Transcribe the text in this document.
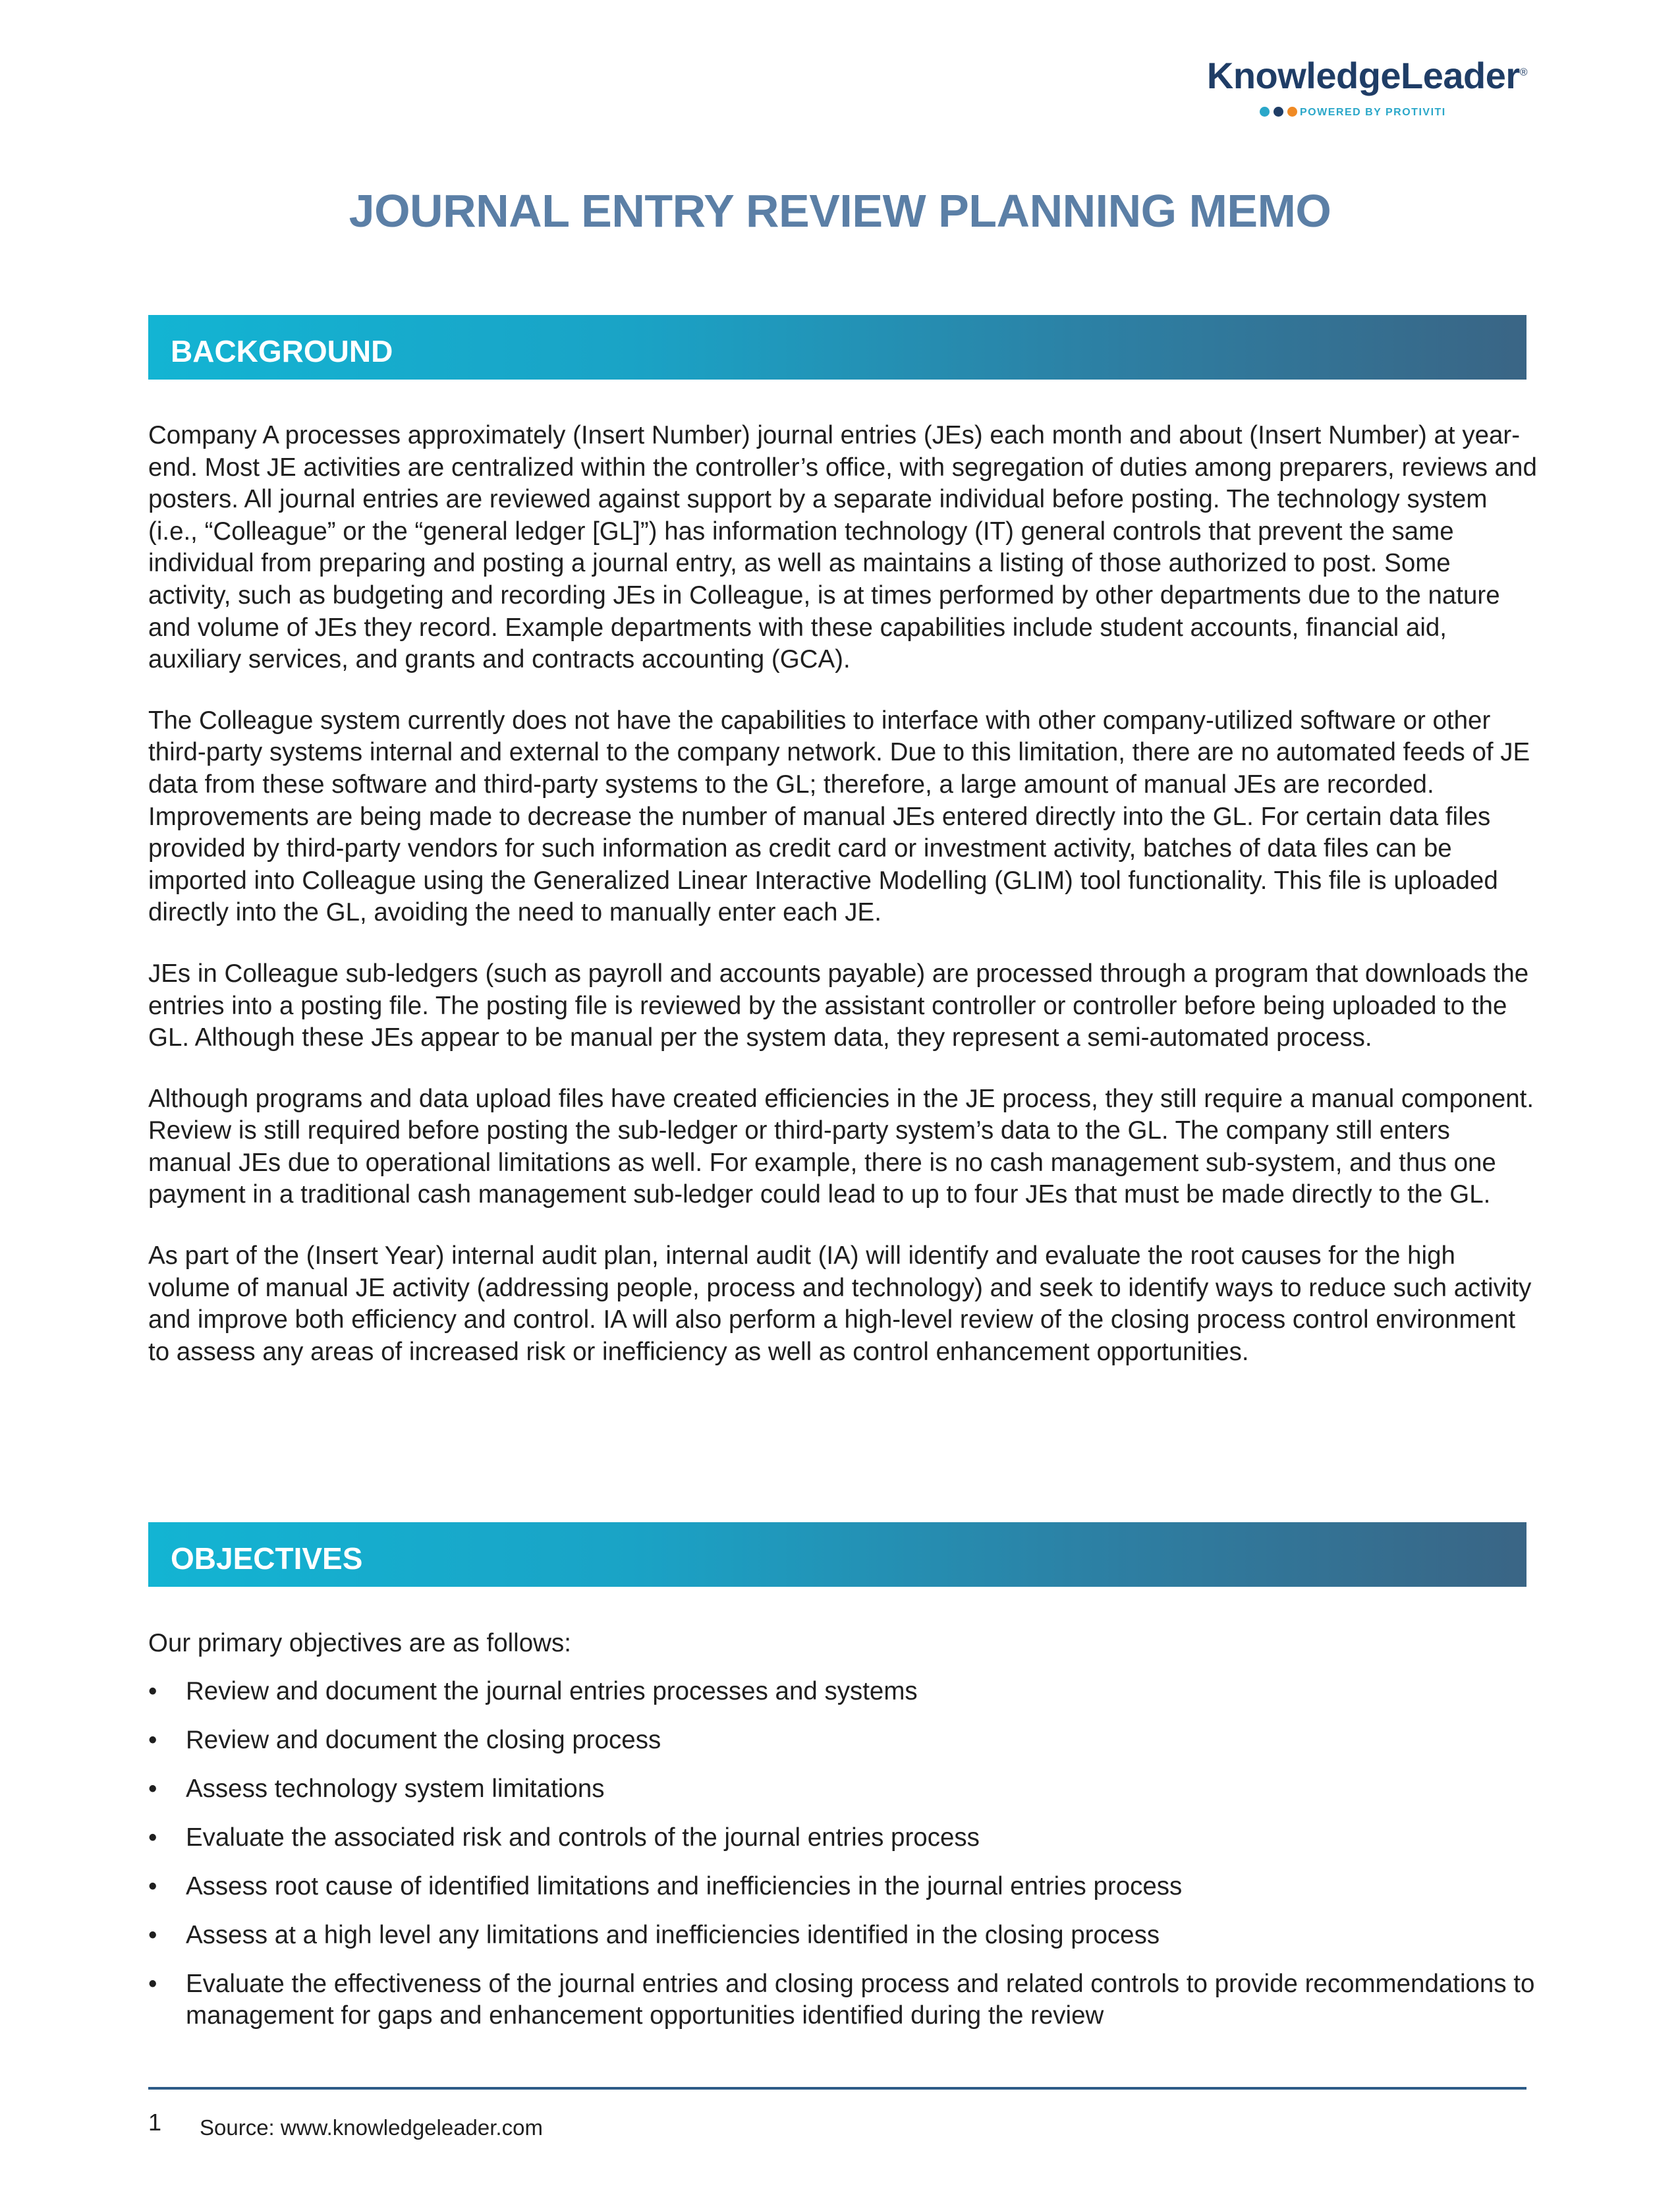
KnowledgeLeader®
POWERED BY PROTIVITI
JOURNAL ENTRY REVIEW PLANNING MEMO
BACKGROUND

Company A processes approximately (Insert Number) journal entries (JEs) each month and about (Insert Number) at year-end. Most JE activities are centralized within the controller’s office, with segregation of duties among preparers, reviews and posters. All journal entries are reviewed against support by a separate individual before posting. The technology system (i.e., “Colleague” or the “general ledger [GL]”) has information technology (IT) general controls that prevent the same individual from preparing and posting a journal entry, as well as maintains a listing of those authorized to post. Some activity, such as budgeting and recording JEs in Colleague, is at times performed by other departments due to the nature and volume of JEs they record. Example departments with these capabilities include student accounts, financial aid, auxiliary services, and grants and contracts accounting (GCA).

The Colleague system currently does not have the capabilities to interface with other company-utilized software or other third-party systems internal and external to the company network. Due to this limitation, there are no automated feeds of JE data from these software and third-party systems to the GL; therefore, a large amount of manual JEs are recorded. Improvements are being made to decrease the number of manual JEs entered directly into the GL. For certain data files provided by third-party vendors for such information as credit card or investment activity, batches of data files can be imported into Colleague using the Generalized Linear Interactive Modelling (GLIM) tool functionality. This file is uploaded directly into the GL, avoiding the need to manually enter each JE.

JEs in Colleague sub-ledgers (such as payroll and accounts payable) are processed through a program that downloads the entries into a posting file. The posting file is reviewed by the assistant controller or controller before being uploaded to the GL. Although these JEs appear to be manual per the system data, they represent a semi-automated process.

Although programs and data upload files have created efficiencies in the JE process, they still require a manual component. Review is still required before posting the sub-ledger or third-party system’s data to the GL. The company still enters manual JEs due to operational limitations as well. For example, there is no cash management sub-system, and thus one payment in a traditional cash management sub-ledger could lead to up to four JEs that must be made directly to the GL.

As part of the (Insert Year) internal audit plan, internal audit (IA) will identify and evaluate the root causes for the high volume of manual JE activity (addressing people, process and technology) and seek to identify ways to reduce such activity and improve both efficiency and control. IA will also perform a high-level review of the closing process control environment to assess any areas of increased risk or inefficiency as well as control enhancement opportunities.

OBJECTIVES
Our primary objectives are as follows:
• Review and document the journal entries processes and systems
• Review and document the closing process
• Assess technology system limitations
• Evaluate the associated risk and controls of the journal entries process
• Assess root cause of identified limitations and inefficiencies in the journal entries process
• Assess at a high level any limitations and inefficiencies identified in the closing process
• Evaluate the effectiveness of the journal entries and closing process and related controls to provide recommendations to management for gaps and enhancement opportunities identified during the review
1 Source: www.knowledgeleader.com
